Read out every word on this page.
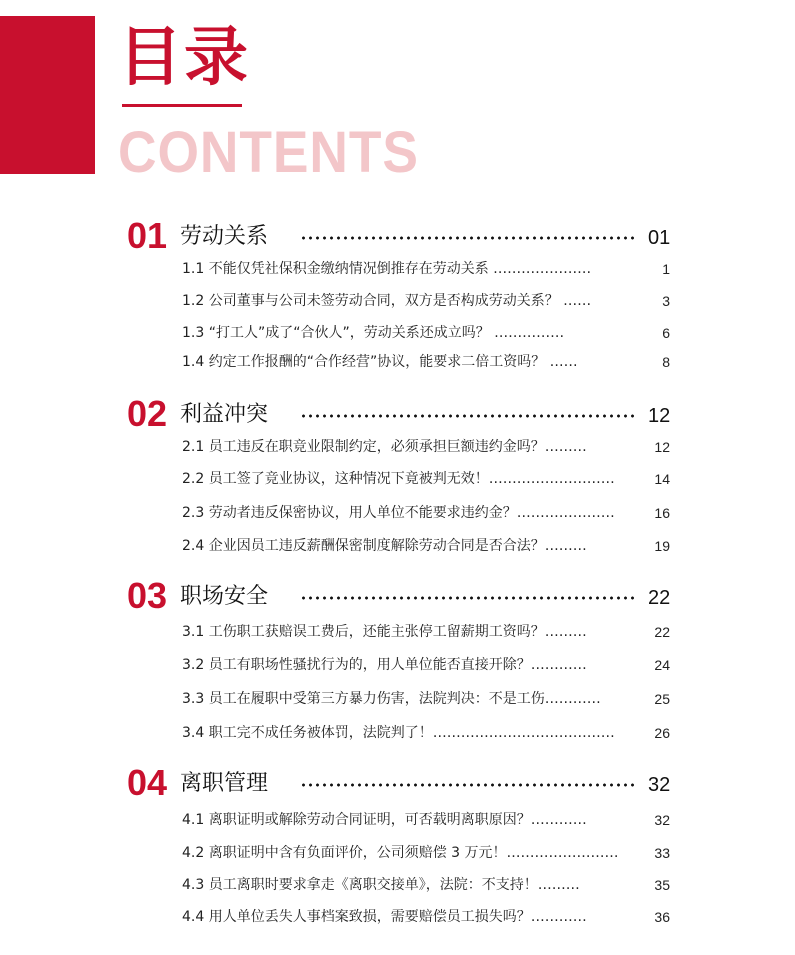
目录
CONTENTS
01 劳动关系	01
1.1 不能仅凭社保积金缴纳情况倒推存在劳动关系 …………………	1
1.2 公司董事与公司未签劳动合同，双方是否构成劳动关系？ ……	3
1.3 “打工人”成了“合伙人”，劳动关系还成立吗？ ……………	6
1.4 约定工作报酬的“合作经营”协议，能要求二倍工资吗？ ……	8
02 利益冲突	12
2.1 员工违反在职竞业限制约定，必须承担巨额违约金吗？………	12
2.2 员工签了竞业协议，这种情况下竟被判无效！………………………	14
2.3 劳动者违反保密协议，用人单位不能要求违约金？…………………	16
2.4 企业因员工违反薪酬保密制度解除劳动合同是否合法？………	19
03 职场安全	22
3.1 工伤职工获赔误工费后，还能主张停工留薪期工资吗？………	22
3.2 员工有职场性骚扰行为的，用人单位能否直接开除？…………	24
3.3 员工在履职中受第三方暴力伤害，法院判决：不是工伤…………	25
3.4 职工完不成任务被体罚，法院判了！…………………………………	26
04 离职管理	32
4.1 离职证明或解除劳动合同证明，可否载明离职原因？…………	32
4.2 离职证明中含有负面评价，公司须赔偿 3 万元！……………………	33
4.3 员工离职时要求拿走《离职交接单》，法院：不支持！………	35
4.4 用人单位丢失人事档案致损，需要赔偿员工损失吗？…………	36
